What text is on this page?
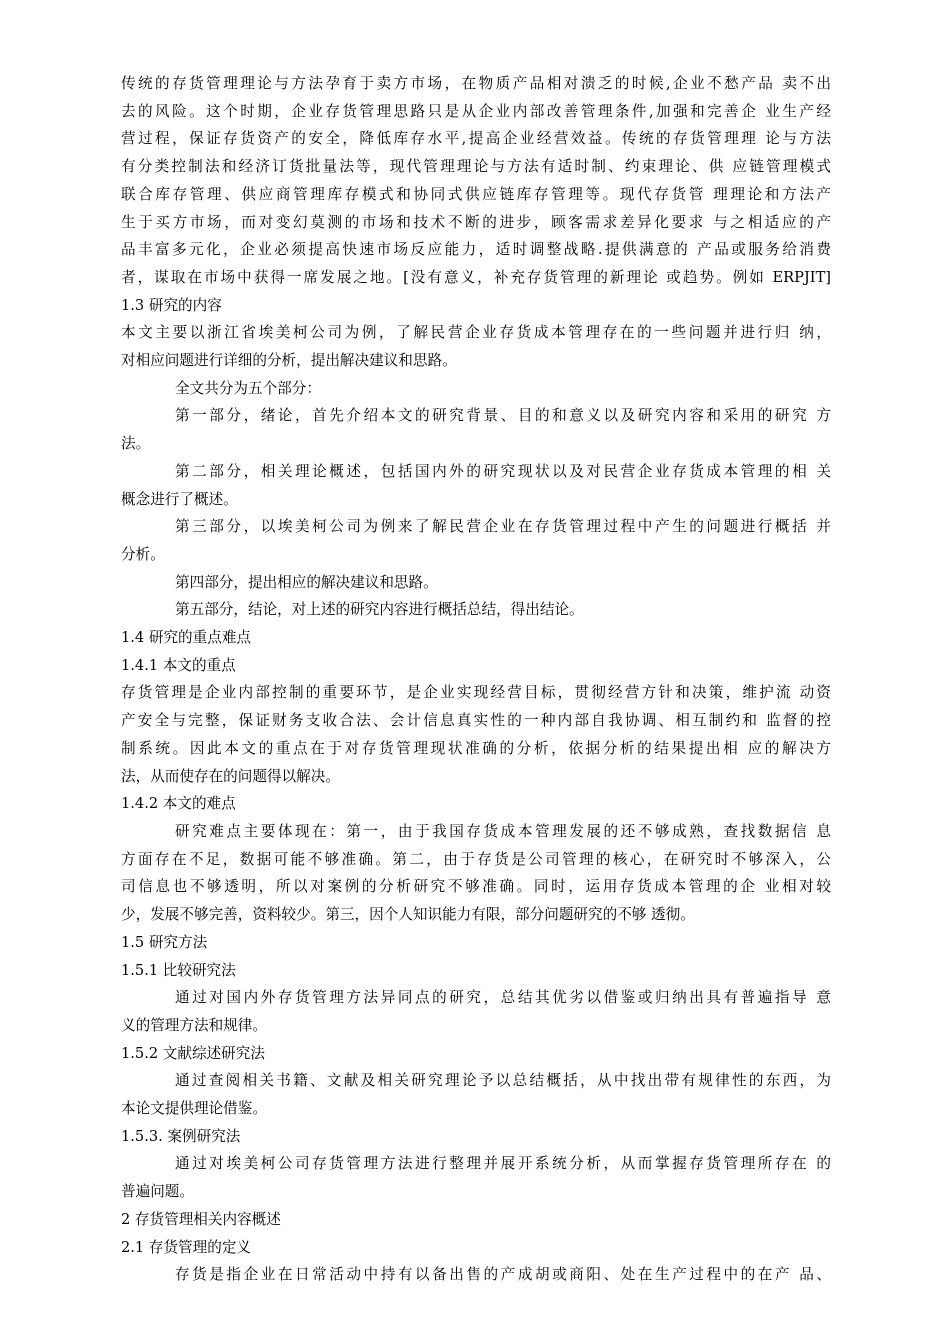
传统的存货管理理论与方法孕育于卖方市场，在物质产品相对溃乏的时候,企业不愁产品 卖不出
去的风险。这个时期，企业存货管理思路只是从企业内部改善管理条件,加强和完善企 业生产经
营过程，保证存货资产的安全，降低库存水平,提高企业经营效益。传统的存货管理理 论与方法
有分类控制法和经济订货批量法等，现代管理理论与方法有适时制、约束理论、供 应链管理模式
联合库存管理、供应商管理库存模式和协同式供应链库存管理等。现代存货管 理理论和方法产
生于买方市场，而对变幻莫测的市场和技术不断的进步，顾客需求差异化要求 与之相适应的产
品丰富多元化，企业必须提高快速市场反应能力，适时调整战略.提供满意的 产品或服务给消费
者，谋取在市场中获得一席发展之地。[没有意义，补充存货管理的新理论 或趋势。例如 ERPJIT]
1.3 研究的内容
本文主要以浙江省埃美柯公司为例，了解民营企业存货成本管理存在的一些问题并进行归 纳，
对相应问题进行详细的分析，提出解决建议和思路。
全文共分为五个部分：
第一部分，绪论，首先介绍本文的研究背景、目的和意义以及研究内容和采用的研究 方
法。
第二部分，相关理论概述，包括国内外的研究现状以及对民营企业存货成本管理的相 关
概念进行了概述。
第三部分，以埃美柯公司为例来了解民营企业在存货管理过程中产生的问题进行概括 并
分析。
第四部分，提出相应的解决建议和思路。
第五部分，结论，对上述的研究内容进行概括总结，得出结论。
1.4 研究的重点难点
1.4.1 本文的重点
存货管理是企业内部控制的重要环节，是企业实现经营目标，贯彻经营方针和决策，维护流 动资
产安全与完整，保证财务支收合法、会计信息真实性的一种内部自我协调、相互制约和 监督的控
制系统。因此本文的重点在于对存货管理现状准确的分析，依据分析的结果提出相 应的解决方
法，从而使存在的问题得以解决。
1.4.2 本文的难点
研究难点主要体现在：第一，由于我国存货成本管理发展的还不够成熟，查找数据信 息
方面存在不足，数据可能不够准确。第二，由于存货是公司管理的核心，在研究时不够深入，公
司信息也不够透明，所以对案例的分析研究不够准确。同时，运用存货成本管理的企 业相对较
少，发展不够完善，资料较少。第三，因个人知识能力有限，部分问题研究的不够 透彻。
1.5 研究方法
1.5.1 比较研究法
通过对国内外存货管理方法异同点的研究，总结其优劣以借鉴或归纳出具有普遍指导 意
义的管理方法和规律。
1.5.2 文献综述研究法
通过查阅相关书籍、文献及相关研究理论予以总结概括，从中找出带有规律性的东西，为
本论文提供理论借鉴。
1.5.3. 案例研究法
通过对埃美柯公司存货管理方法进行整理并展开系统分析，从而掌握存货管理所存在 的
普遍问题。
2 存货管理相关内容概述
2.1 存货管理的定义
存货是指企业在日常活动中持有以备出售的产成胡或商阳、处在生产过程中的在产 品、
